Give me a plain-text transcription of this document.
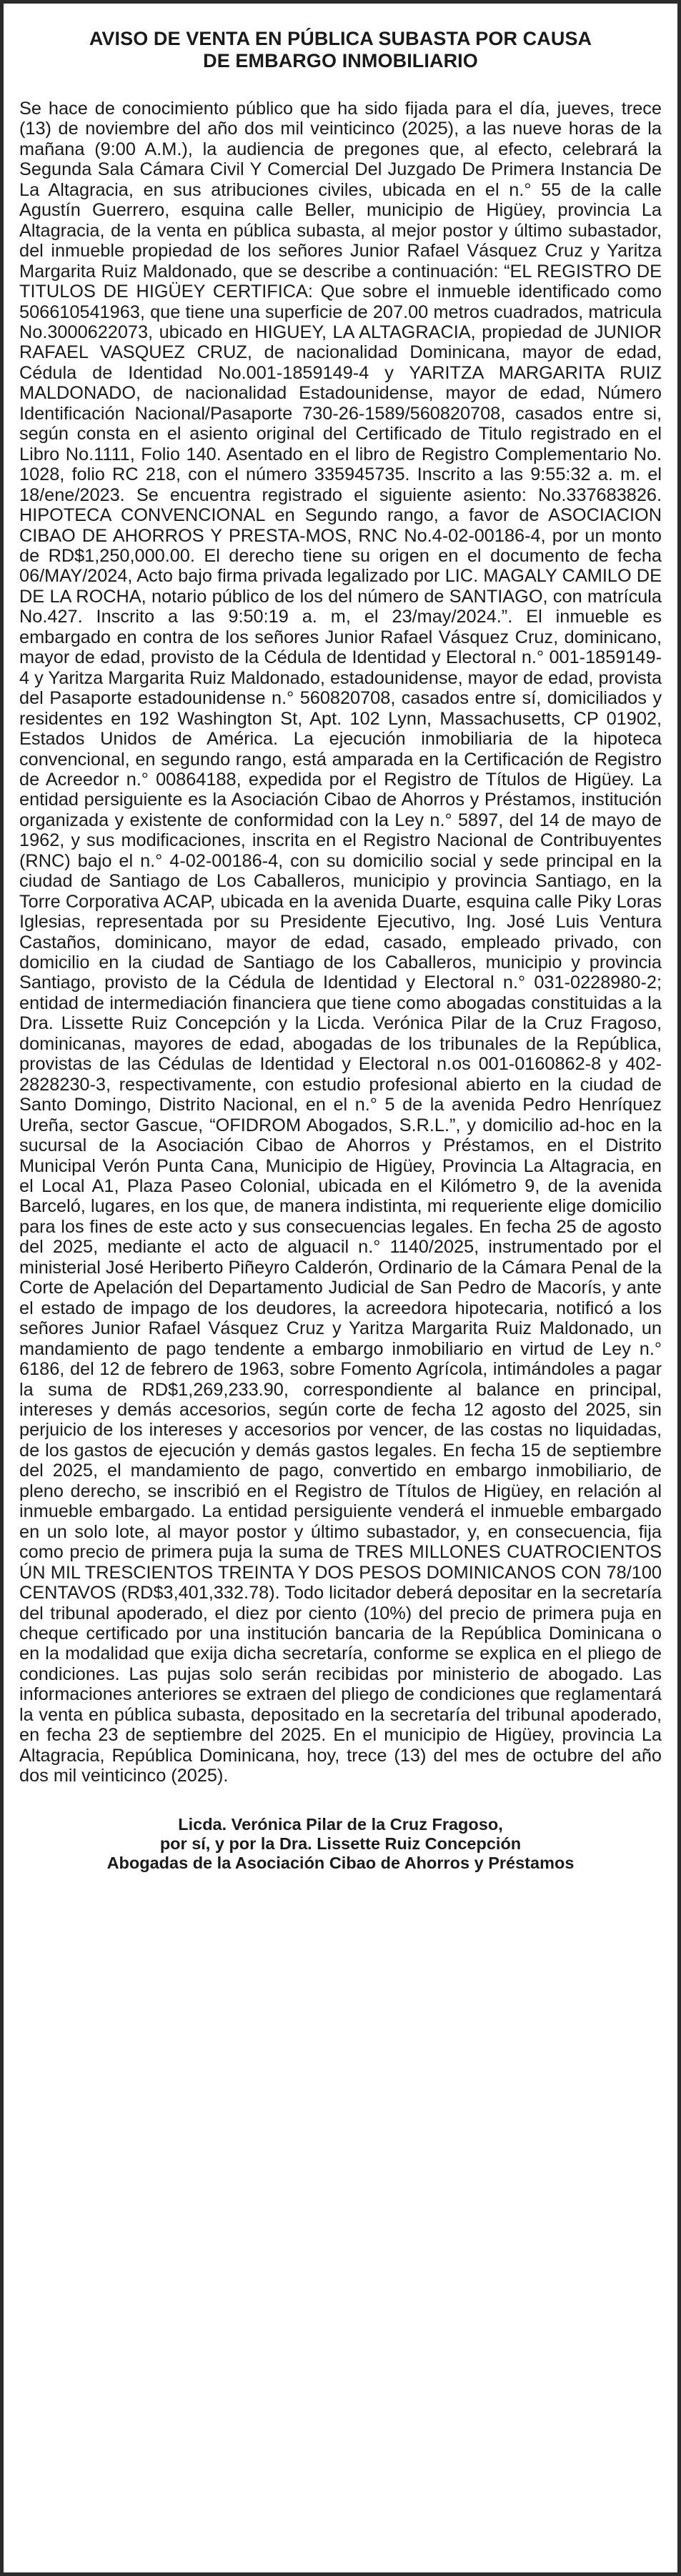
AVISO DE VENTA EN PÚBLICA SUBASTA POR CAUSA
DE EMBARGO INMOBILIARIO

Se hace de conocimiento público que ha sido fijada para el día, jueves, trece (13) de noviembre del año dos mil veinticinco (2025), a las nueve horas de la mañana (9:00 A.M.), la audiencia de pregones que, al efecto, celebrará la Segunda Sala Cámara Civil Y Comercial Del Juzgado De Primera Instancia De La Altagracia, en sus atribuciones civiles, ubicada en el n.° 55 de la calle Agustín Guerrero, esquina calle Beller, municipio de Higüey, provincia La Altagracia, de la venta en pública subasta, al mejor postor y último subastador, del inmueble propiedad de los señores Junior Rafael Vásquez Cruz y Yaritza Margarita Ruiz Maldonado, que se describe a continuación: “EL REGISTRO DE TITULOS DE HIGÜEY CERTIFICA: Que sobre el inmueble identificado como 506610541963, que tiene una superficie de 207.00 metros cuadrados, matricula No.3000622073, ubicado en HIGUEY, LA ALTAGRACIA, propiedad de JUNIOR RAFAEL VASQUEZ CRUZ, de nacionalidad Dominicana, mayor de edad, Cédula de Identidad No.001-1859149-4 y YARITZA MARGARITA RUIZ MALDONADO, de nacionalidad Estadounidense, mayor de edad, Número Identificación Nacional/Pasaporte 730-26-1589/560820708, casados entre si, según consta en el asiento original del Certificado de Titulo registrado en el Libro No.1111, Folio 140. Asentado en el libro de Registro Complementario No. 1028, folio RC 218, con el número 335945735. Inscrito a las 9:55:32 a. m. el 18/ene/2023. Se encuentra registrado el siguiente asiento: No.337683826. HIPOTECA CONVENCIONAL en Segundo rango, a favor de ASOCIACION CIBAO DE AHORROS Y PRESTA-MOS, RNC No.4-02-00186-4, por un monto de RD$1,250,000.00. El derecho tiene su origen en el documento de fecha 06/MAY/2024, Acto bajo firma privada legalizado por LIC. MAGALY CAMILO DE DE LA ROCHA, notario público de los del número de SANTIAGO, con matrícula No.427. Inscrito a las 9:50:19 a. m, el 23/may/2024.”. El inmueble es embargado en contra de los señores Junior Rafael Vásquez Cruz, dominicano, mayor de edad, provisto de la Cédula de Identidad y Electoral n.° 001-1859149-4 y Yaritza Margarita Ruiz Maldonado, estadounidense, mayor de edad, provista del Pasaporte estadounidense n.° 560820708, casados entre sí, domiciliados y residentes en 192 Washington St, Apt. 102 Lynn, Massachusetts, CP 01902, Estados Unidos de América. La ejecución inmobiliaria de la hipoteca convencional, en segundo rango, está amparada en la Certificación de Registro de Acreedor n.° 00864188, expedida por el Registro de Títulos de Higüey. La entidad persiguiente es la Asociación Cibao de Ahorros y Préstamos, institución organizada y existente de conformidad con la Ley n.° 5897, del 14 de mayo de 1962, y sus modificaciones, inscrita en el Registro Nacional de Contribuyentes (RNC) bajo el n.° 4-02-00186-4, con su domicilio social y sede principal en la ciudad de Santiago de Los Caballeros, municipio y provincia Santiago, en la Torre Corporativa ACAP, ubicada en la avenida Duarte, esquina calle Piky Loras Iglesias, representada por su Presidente Ejecutivo, Ing. José Luis Ventura Castaños, dominicano, mayor de edad, casado, empleado privado, con domicilio en la ciudad de Santiago de los Caballeros, municipio y provincia Santiago, provisto de la Cédula de Identidad y Electoral n.° 031-0228980-2; entidad de intermediación financiera que tiene como abogadas constituidas a la Dra. Lissette Ruiz Concepción y la Licda. Verónica Pilar de la Cruz Fragoso, dominicanas, mayores de edad, abogadas de los tribunales de la República, provistas de las Cédulas de Identidad y Electoral n.os 001-0160862-8 y 402-2828230-3, respectivamente, con estudio profesional abierto en la ciudad de Santo Domingo, Distrito Nacional, en el n.° 5 de la avenida Pedro Henríquez Ureña, sector Gascue, “OFIDROM Abogados, S.R.L.”, y domicilio ad-hoc en la sucursal de la Asociación Cibao de Ahorros y Préstamos, en el Distrito Municipal Verón Punta Cana, Municipio de Higüey, Provincia La Altagracia, en el Local A1, Plaza Paseo Colonial, ubicada en el Kilómetro 9, de la avenida Barceló, lugares, en los que, de manera indistinta, mi requeriente elige domicilio para los fines de este acto y sus consecuencias legales. En fecha 25 de agosto del 2025, mediante el acto de alguacil n.° 1140/2025, instrumentado por el ministerial José Heriberto Piñeyro Calderón, Ordinario de la Cámara Penal de la Corte de Apelación del Departamento Judicial de San Pedro de Macorís, y ante el estado de impago de los deudores, la acreedora hipotecaria, notificó a los señores Junior Rafael Vásquez Cruz y Yaritza Margarita Ruiz Maldonado, un mandamiento de pago tendente a embargo inmobiliario en virtud de Ley n.° 6186, del 12 de febrero de 1963, sobre Fomento Agrícola, intimándoles a pagar la suma de RD$1,269,233.90, correspondiente al balance en principal, intereses y demás accesorios, según corte de fecha 12 agosto del 2025, sin perjuicio de los intereses y accesorios por vencer, de las costas no liquidadas, de los gastos de ejecución y demás gastos legales. En fecha 15 de septiembre del 2025, el mandamiento de pago, convertido en embargo inmobiliario, de pleno derecho, se inscribió en el Registro de Títulos de Higüey, en relación al inmueble embargado. La entidad persiguiente venderá el inmueble embargado en un solo lote, al mayor postor y último subastador, y, en consecuencia, fija como precio de primera puja la suma de TRES MILLONES CUATROCIENTOS ÚN MIL TRESCIENTOS TREINTA Y DOS PESOS DOMINICANOS CON 78/100 CENTAVOS (RD$3,401,332.78). Todo licitador deberá depositar en la secretaría del tribunal apoderado, el diez por ciento (10%) del precio de primera puja en cheque certificado por una institución bancaria de la República Dominicana o en la modalidad que exija dicha secretaría, conforme se explica en el pliego de condiciones. Las pujas solo serán recibidas por ministerio de abogado. Las informaciones anteriores se extraen del pliego de condiciones que reglamentará la venta en pública subasta, depositado en la secretaría del tribunal apoderado, en fecha 23 de septiembre del 2025. En el municipio de Higüey, provincia La Altagracia, República Dominicana, hoy, trece (13) del mes de octubre del año dos mil veinticinco (2025).

Licda. Verónica Pilar de la Cruz Fragoso,
por sí, y por la Dra. Lissette Ruiz Concepción
Abogadas de la Asociación Cibao de Ahorros y Préstamos
